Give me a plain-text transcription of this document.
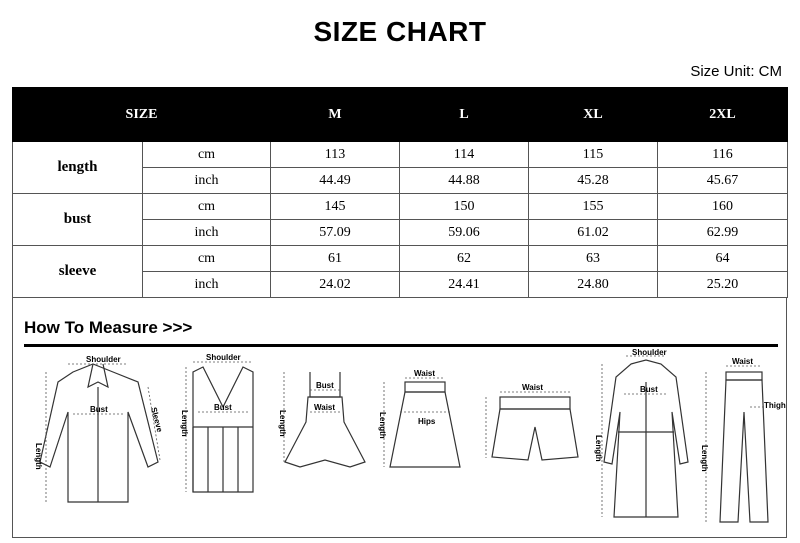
SIZE CHART
Size Unit: CM
SIZE		M	L	XL	2XL
length	cm	113	114	115	116
	inch	44.49	44.88	45.28	45.67
bust	cm	145	150	155	160
	inch	57.09	59.06	61.02	62.99
sleeve	cm	61	62	63	64
	inch	24.02	24.41	24.80	25.20
How To Measure >>>
Shoulder
Bust
Length
Sleeve
Shoulder
Bust
Length
Bust
Waist
Length
Waist
Hips
Length
Waist
Shoulder
Bust
Length
Waist
Thigh
Length
